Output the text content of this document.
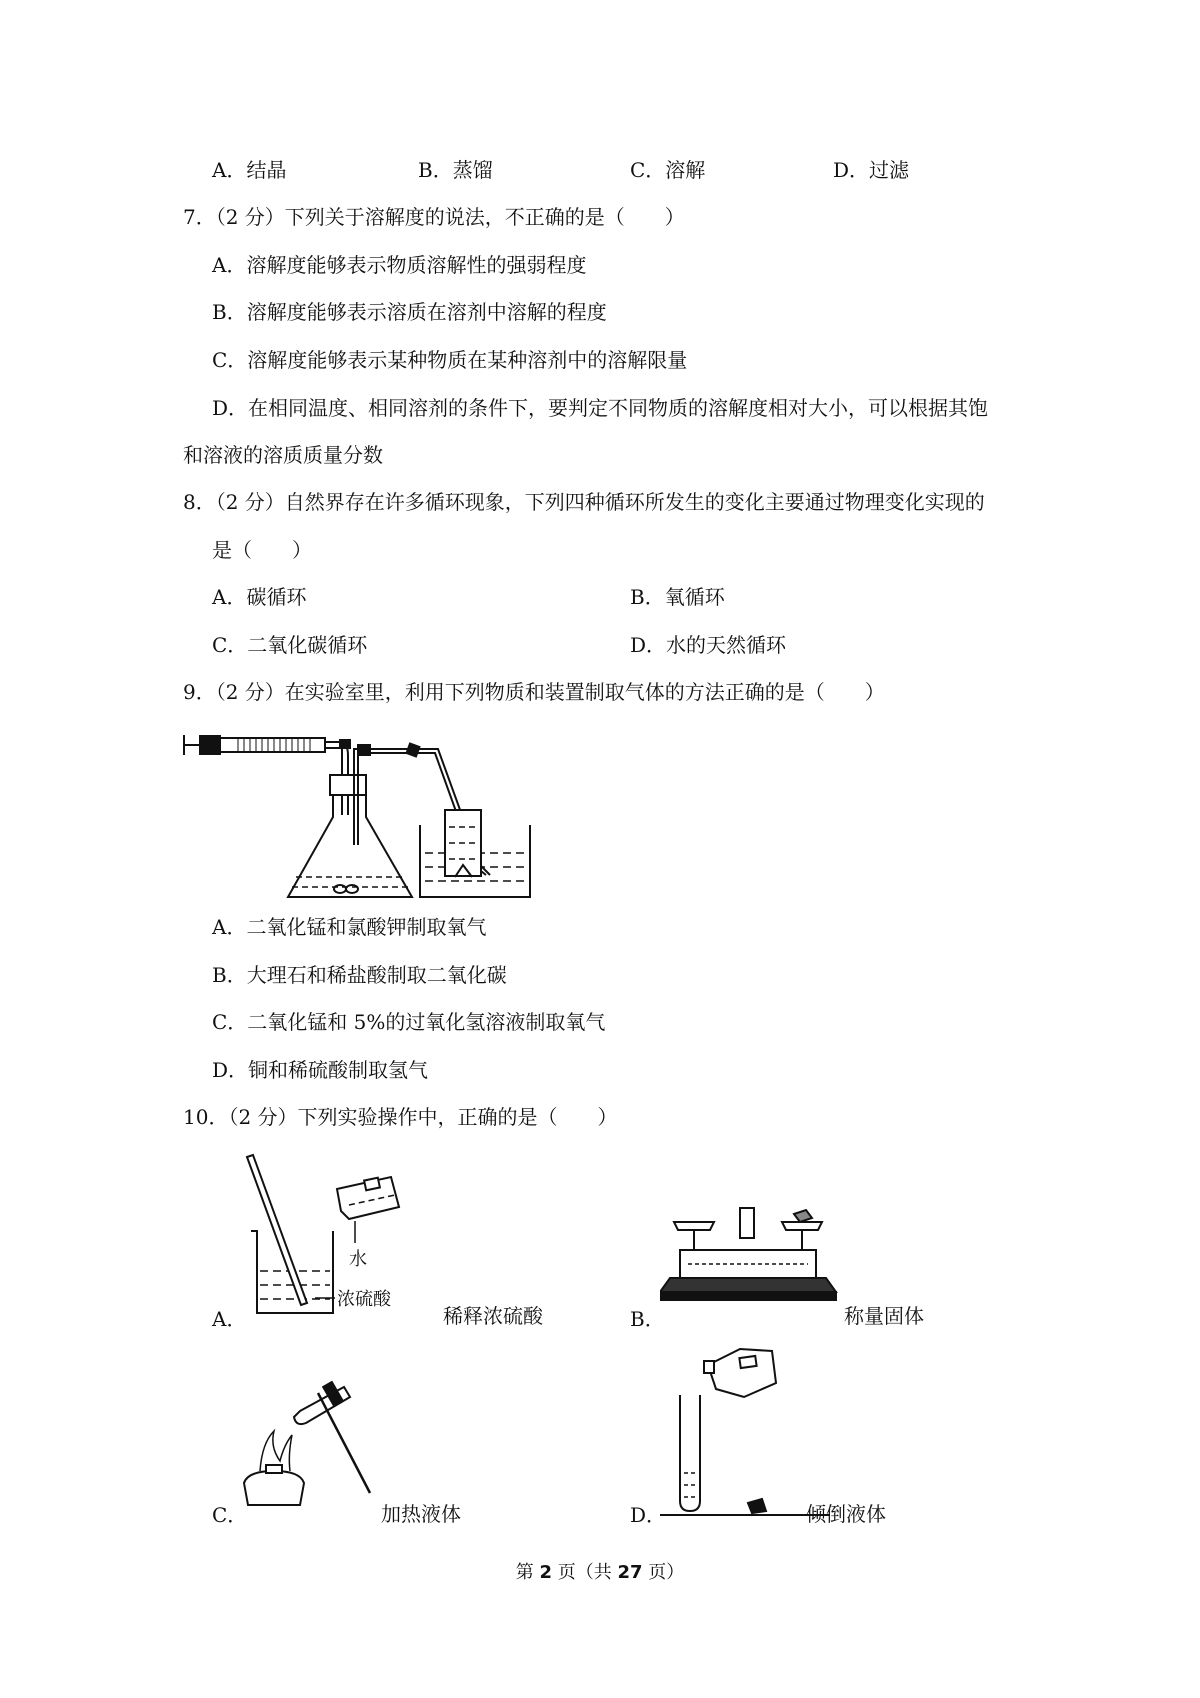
A．结晶	B．蒸馏	C．溶解	D．过滤
7．（2 分）下列关于溶解度的说法，不正确的是（　　）
A．溶解度能够表示物质溶解性的强弱程度
B．溶解度能够表示溶质在溶剂中溶解的程度
C．溶解度能够表示某种物质在某种溶剂中的溶解限量
D．在相同温度、相同溶剂的条件下，要判定不同物质的溶解度相对大小，可以根据其饱
和溶液的溶质质量分数
8．（2 分）自然界存在许多循环现象，下列四种循环所发生的变化主要通过物理变化实现的
是（　　）
A．碳循环	B．氧循环
C．二氧化碳循环	D．水的天然循环
9．（2 分）在实验室里，利用下列物质和装置制取气体的方法正确的是（　　）
A．二氧化锰和氯酸钾制取氧气
B．大理石和稀盐酸制取二氧化碳
C．二氧化锰和 5%的过氧化氢溶液制取氧气
D．铜和稀硫酸制取氢气
10．（2 分）下列实验操作中，正确的是（　　）
水
浓硫酸
A．	稀释浓硫酸	B．	称量固体
C．	加热液体	D．	倾倒液体
第 2 页（共 27 页）
